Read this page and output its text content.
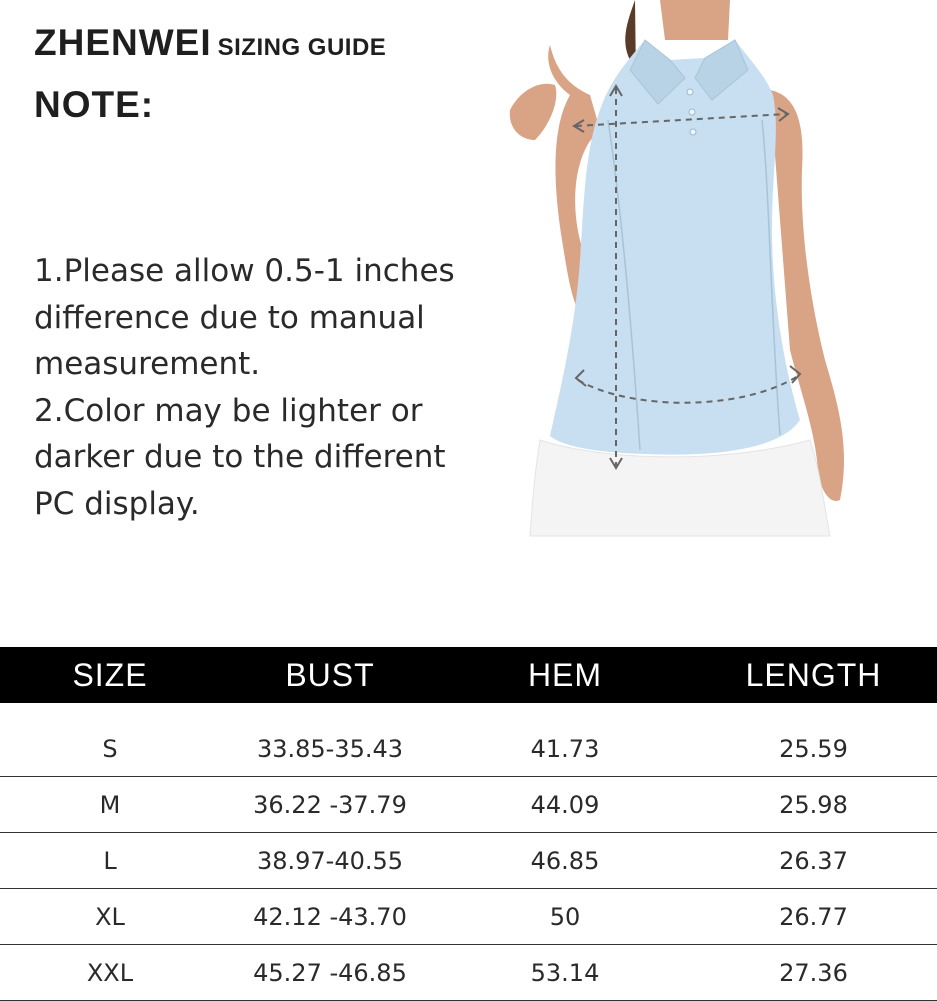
ZHENWEI SIZING GUIDE
NOTE:

1.Please allow 0.5-1 inches difference due to manual measurement.

2.Color may be lighter or darker due to the different PC display.

SIZE	BUST	HEM	LENGTH
S	33.85-35.43	41.73	25.59
M	36.22 -37.79	44.09	25.98
L	38.97-40.55	46.85	26.37
XL	42.12 -43.70	50	26.77
XXL	45.27 -46.85	53.14	27.36
